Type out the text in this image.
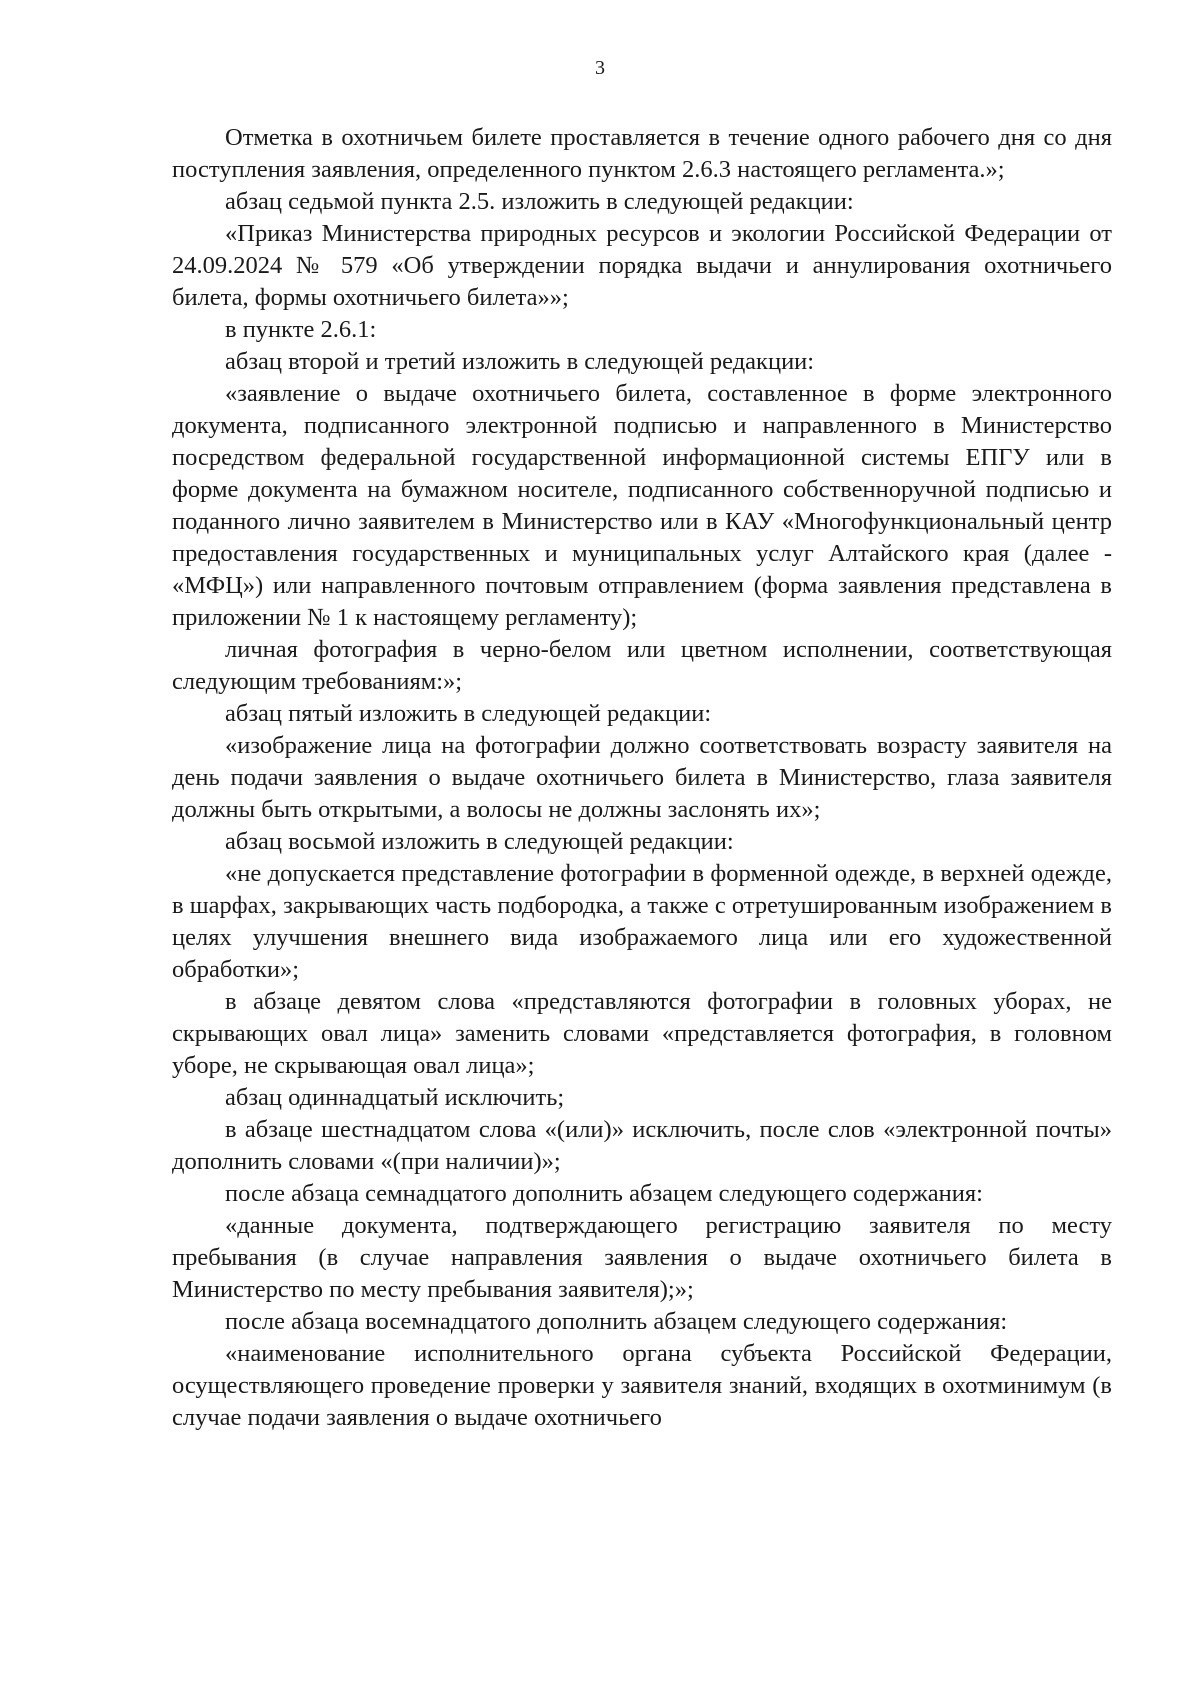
3

Отметка в охотничьем билете проставляется в течение одного рабочего дня со дня поступления заявления, определенного пунктом 2.6.3 настоящего регламента.»;

абзац седьмой пункта 2.5. изложить в следующей редакции:

«Приказ Министерства природных ресурсов и экологии Российской Федерации от 24.09.2024 № 579 «Об утверждении порядка выдачи и аннулирования охотничьего билета, формы охотничьего билета»»;

в пункте 2.6.1:

абзац второй и третий изложить в следующей редакции:

«заявление о выдаче охотничьего билета, составленное в форме электронного документа, подписанного электронной подписью и направленного в Министерство посредством федеральной государственной информационной системы ЕПГУ или в форме документа на бумажном носителе, подписанного собственноручной подписью и поданного лично заявителем в Министерство или в КАУ «Многофункциональный центр предоставления государственных и муниципальных услуг Алтайского края (далее - «МФЦ») или направленного почтовым отправлением (форма заявления представлена в приложении № 1 к настоящему регламенту);

личная фотография в черно-белом или цветном исполнении, соответствующая следующим требованиям:»;

абзац пятый изложить в следующей редакции:

«изображение лица на фотографии должно соответствовать возрасту заявителя на день подачи заявления о выдаче охотничьего билета в Министерство, глаза заявителя должны быть открытыми, а волосы не должны заслонять их»;

абзац восьмой изложить в следующей редакции:

«не допускается представление фотографии в форменной одежде, в верхней одежде, в шарфах, закрывающих часть подбородка, а также с отретушированным изображением в целях улучшения внешнего вида изображаемого лица или его художественной обработки»;

в абзаце девятом слова «представляются фотографии в головных уборах, не скрывающих овал лица» заменить словами «представляется фотография, в головном уборе, не скрывающая овал лица»;

абзац одиннадцатый исключить;

в абзаце шестнадцатом слова «(или)» исключить, после слов «электронной почты» дополнить словами «(при наличии)»;

после абзаца семнадцатого дополнить абзацем следующего содержания:

«данные документа, подтверждающего регистрацию заявителя по месту пребывания (в случае направления заявления о выдаче охотничьего билета в Министерство по месту пребывания заявителя);»;

после абзаца восемнадцатого дополнить абзацем следующего содержания:

«наименование исполнительного органа субъекта Российской Федерации, осуществляющего проведение проверки у заявителя знаний, входящих в охотминимум (в случае подачи заявления о выдаче охотничьего
